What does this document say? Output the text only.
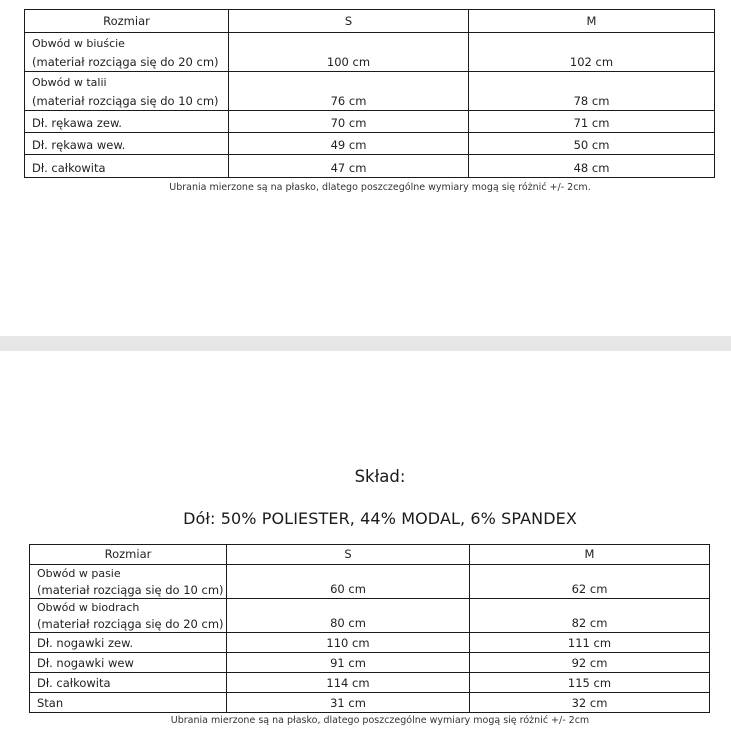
Rozmiar	S	M

Obwód w biuście
(materiał rozciąga się do 20 cm)	100 cm	102 cm

Obwód w talii
(materiał rozciąga się do 10 cm)	76 cm	78 cm
Dł. rękawa zew.	70 cm	71 cm
Dł. rękawa wew.	49 cm	50 cm
Dł. całkowita	47 cm	48 cm
Ubrania mierzone są na płasko, dlatego poszczególne wymiary mogą się różnić +/- 2cm.
Skład:
Dół: 50% POLIESTER, 44% MODAL, 6% SPANDEX
Rozmiar	S	M

Obwód w pasie
(materiał rozciąga się do 10 cm)	60 cm	62 cm

Obwód w biodrach
(materiał rozciąga się do 20 cm)	80 cm	82 cm
Dł. nogawki zew.	110 cm	111 cm
Dł. nogawki wew	91 cm	92 cm
Dł. całkowita	114 cm	115 cm
Stan	31 cm	32 cm
Ubrania mierzone są na płasko, dlatego poszczególne wymiary mogą się różnić +/- 2cm
